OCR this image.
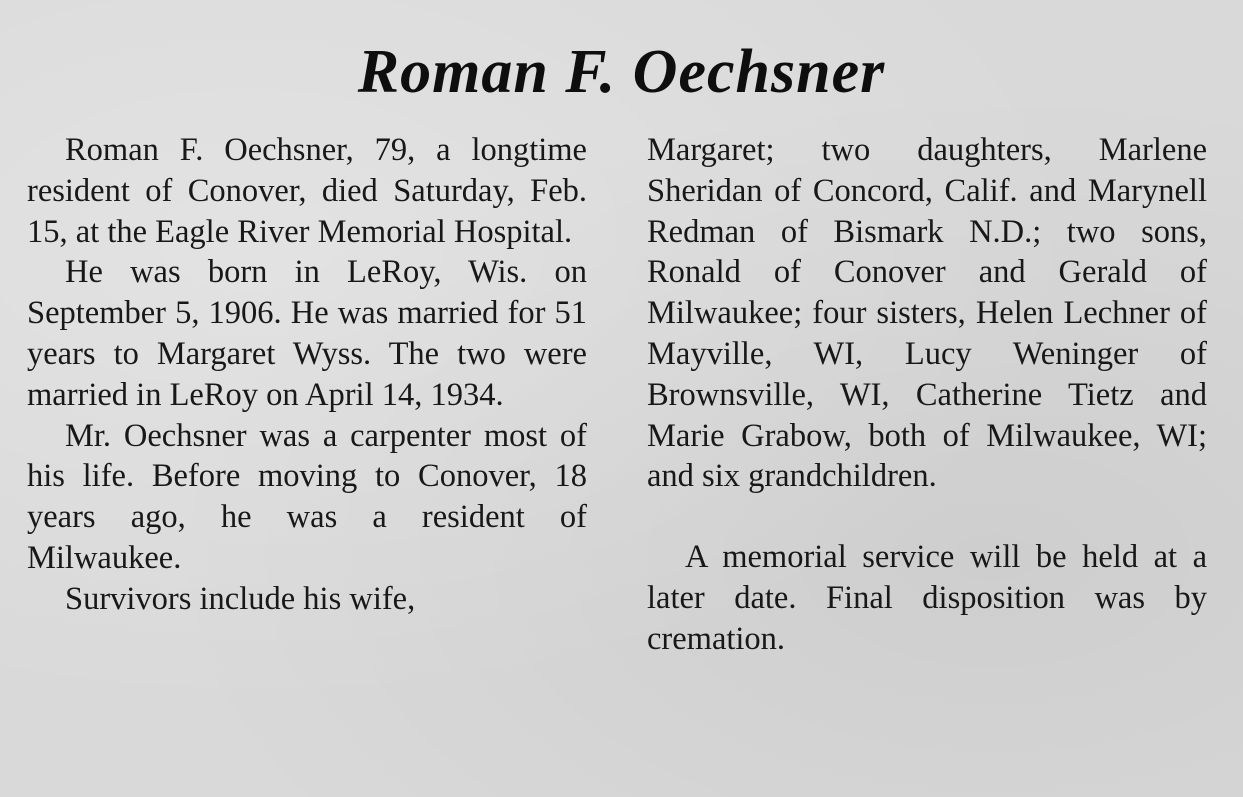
Roman F. Oechsner

Roman F. Oechsner, 79, a longtime resident of Conover, died Saturday, Feb. 15, at the Eagle River Memorial Hospital.

He was born in LeRoy, Wis. on September 5, 1906. He was married for 51 years to Margaret Wyss. The two were married in LeRoy on April 14, 1934.

Mr. Oechsner was a carpenter most of his life. Before moving to Conover, 18 years ago, he was a resident of Milwaukee.

Survivors include his wife,

Margaret; two daughters, Marlene Sheridan of Concord, Calif. and Marynell Redman of Bismark N.D.; two sons, Ronald of Conover and Gerald of Milwaukee; four sisters, Helen Lechner of Mayville, WI, Lucy Weninger of Brownsville, WI, Catherine Tietz and Marie Grabow, both of Milwaukee, WI; and six grandchildren.

A memorial service will be held at a later date. Final disposition was by cremation.
